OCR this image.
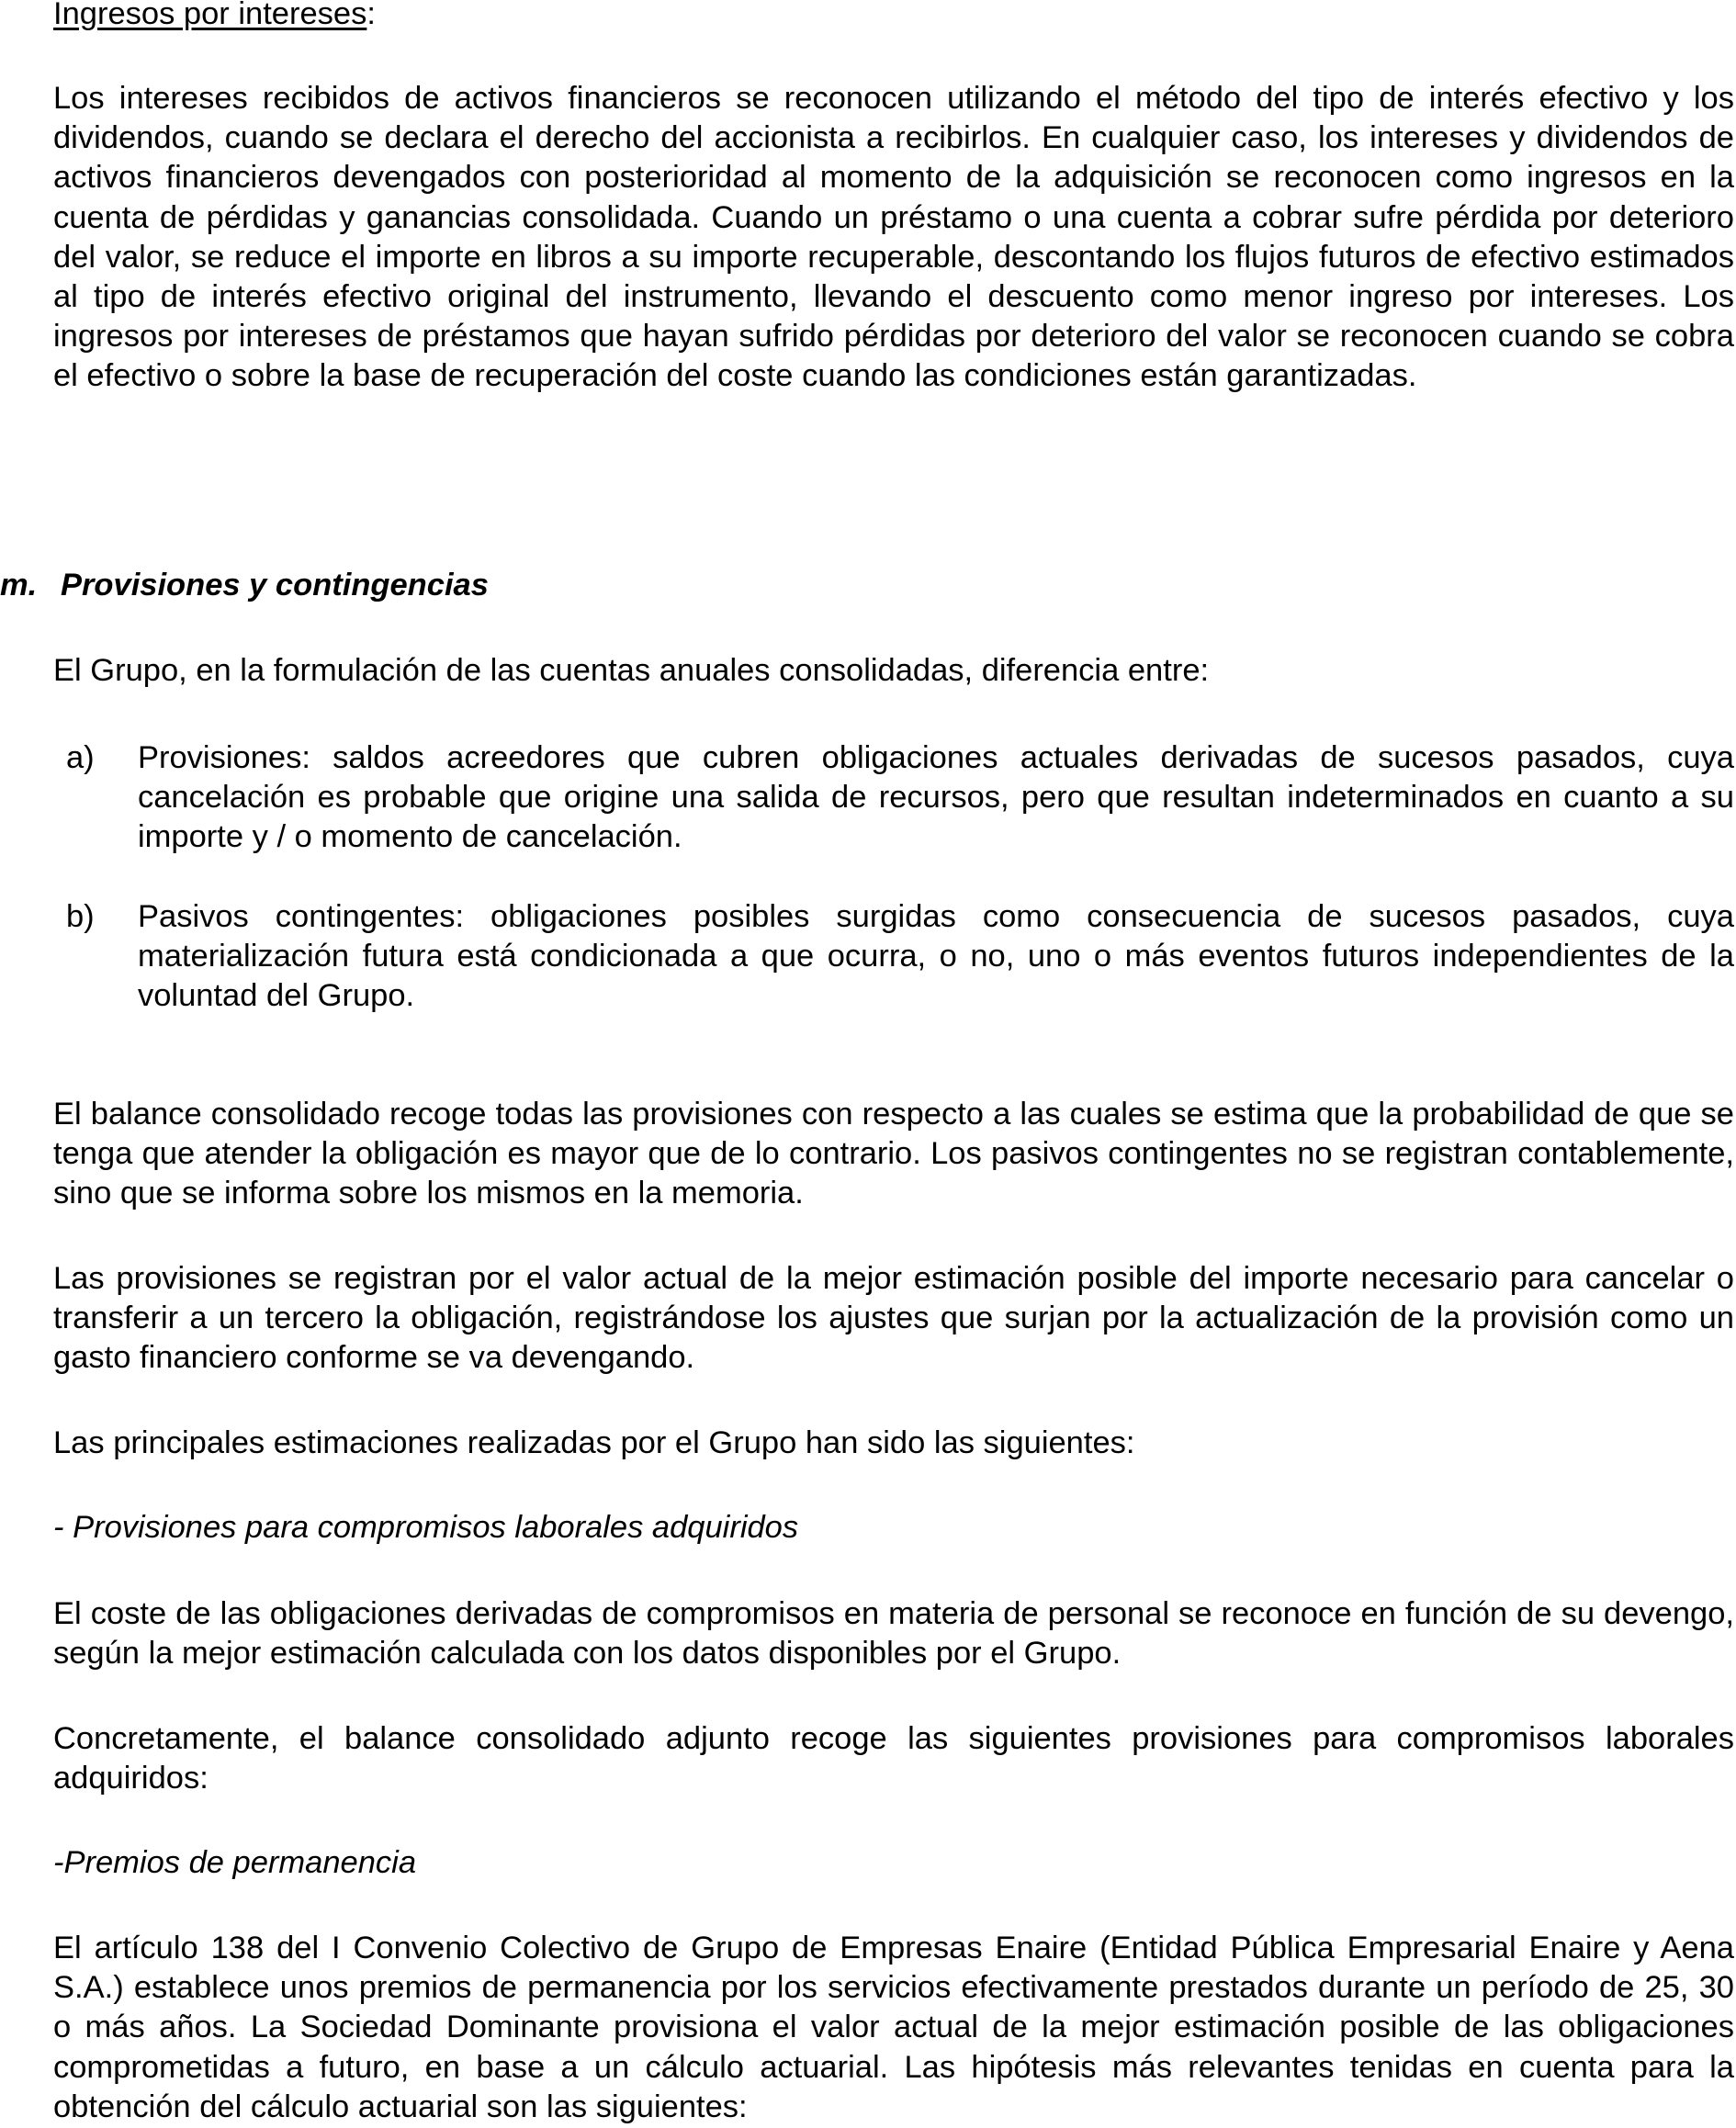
Ingresos por intereses:

Los intereses recibidos de activos financieros se reconocen utilizando el método del tipo de interés efectivo y los dividendos, cuando se declara el derecho del accionista a recibirlos. En cualquier caso, los intereses y dividendos de activos financieros devengados con posterioridad al momento de la adquisición se reconocen como ingresos en la cuenta de pérdidas y ganancias consolidada. Cuando un préstamo o una cuenta a cobrar sufre pérdida por deterioro del valor, se reduce el importe en libros a su importe recuperable, descontando los flujos futuros de efectivo estimados al tipo de interés efectivo original del instrumento, llevando el descuento como menor ingreso por intereses. Los ingresos por intereses de préstamos que hayan sufrido pérdidas por deterioro del valor se reconocen cuando se cobra el efectivo o sobre la base de recuperación del coste cuando las condiciones están garantizadas.

m. Provisiones y contingencias

El Grupo, en la formulación de las cuentas anuales consolidadas, diferencia entre:

a)	Provisiones: saldos acreedores que cubren obligaciones actuales derivadas de sucesos pasados, cuya cancelación es probable que origine una salida de recursos, pero que resultan indeterminados en cuanto a su importe y / o momento de cancelación.

b)	Pasivos contingentes: obligaciones posibles surgidas como consecuencia de sucesos pasados, cuya materialización futura está condicionada a que ocurra, o no, uno o más eventos futuros independientes de la voluntad del Grupo.

El balance consolidado recoge todas las provisiones con respecto a las cuales se estima que la probabilidad de que se tenga que atender la obligación es mayor que de lo contrario. Los pasivos contingentes no se registran contablemente, sino que se informa sobre los mismos en la memoria.

Las provisiones se registran por el valor actual de la mejor estimación posible del importe necesario para cancelar o transferir a un tercero la obligación, registrándose los ajustes que surjan por la actualización de la provisión como un gasto financiero conforme se va devengando.

Las principales estimaciones realizadas por el Grupo han sido las siguientes:

- Provisiones para compromisos laborales adquiridos

El coste de las obligaciones derivadas de compromisos en materia de personal se reconoce en función de su devengo, según la mejor estimación calculada con los datos disponibles por el Grupo.

Concretamente, el balance consolidado adjunto recoge las siguientes provisiones para compromisos laborales adquiridos:

-Premios de permanencia

El artículo 138 del I Convenio Colectivo de Grupo de Empresas Enaire (Entidad Pública Empresarial Enaire y Aena S.A.) establece unos premios de permanencia por los servicios efectivamente prestados durante un período de 25, 30 o más años. La Sociedad Dominante provisiona el valor actual de la mejor estimación posible de las obligaciones comprometidas a futuro, en base a un cálculo actuarial. Las hipótesis más relevantes tenidas en cuenta para la obtención del cálculo actuarial son las siguientes:
